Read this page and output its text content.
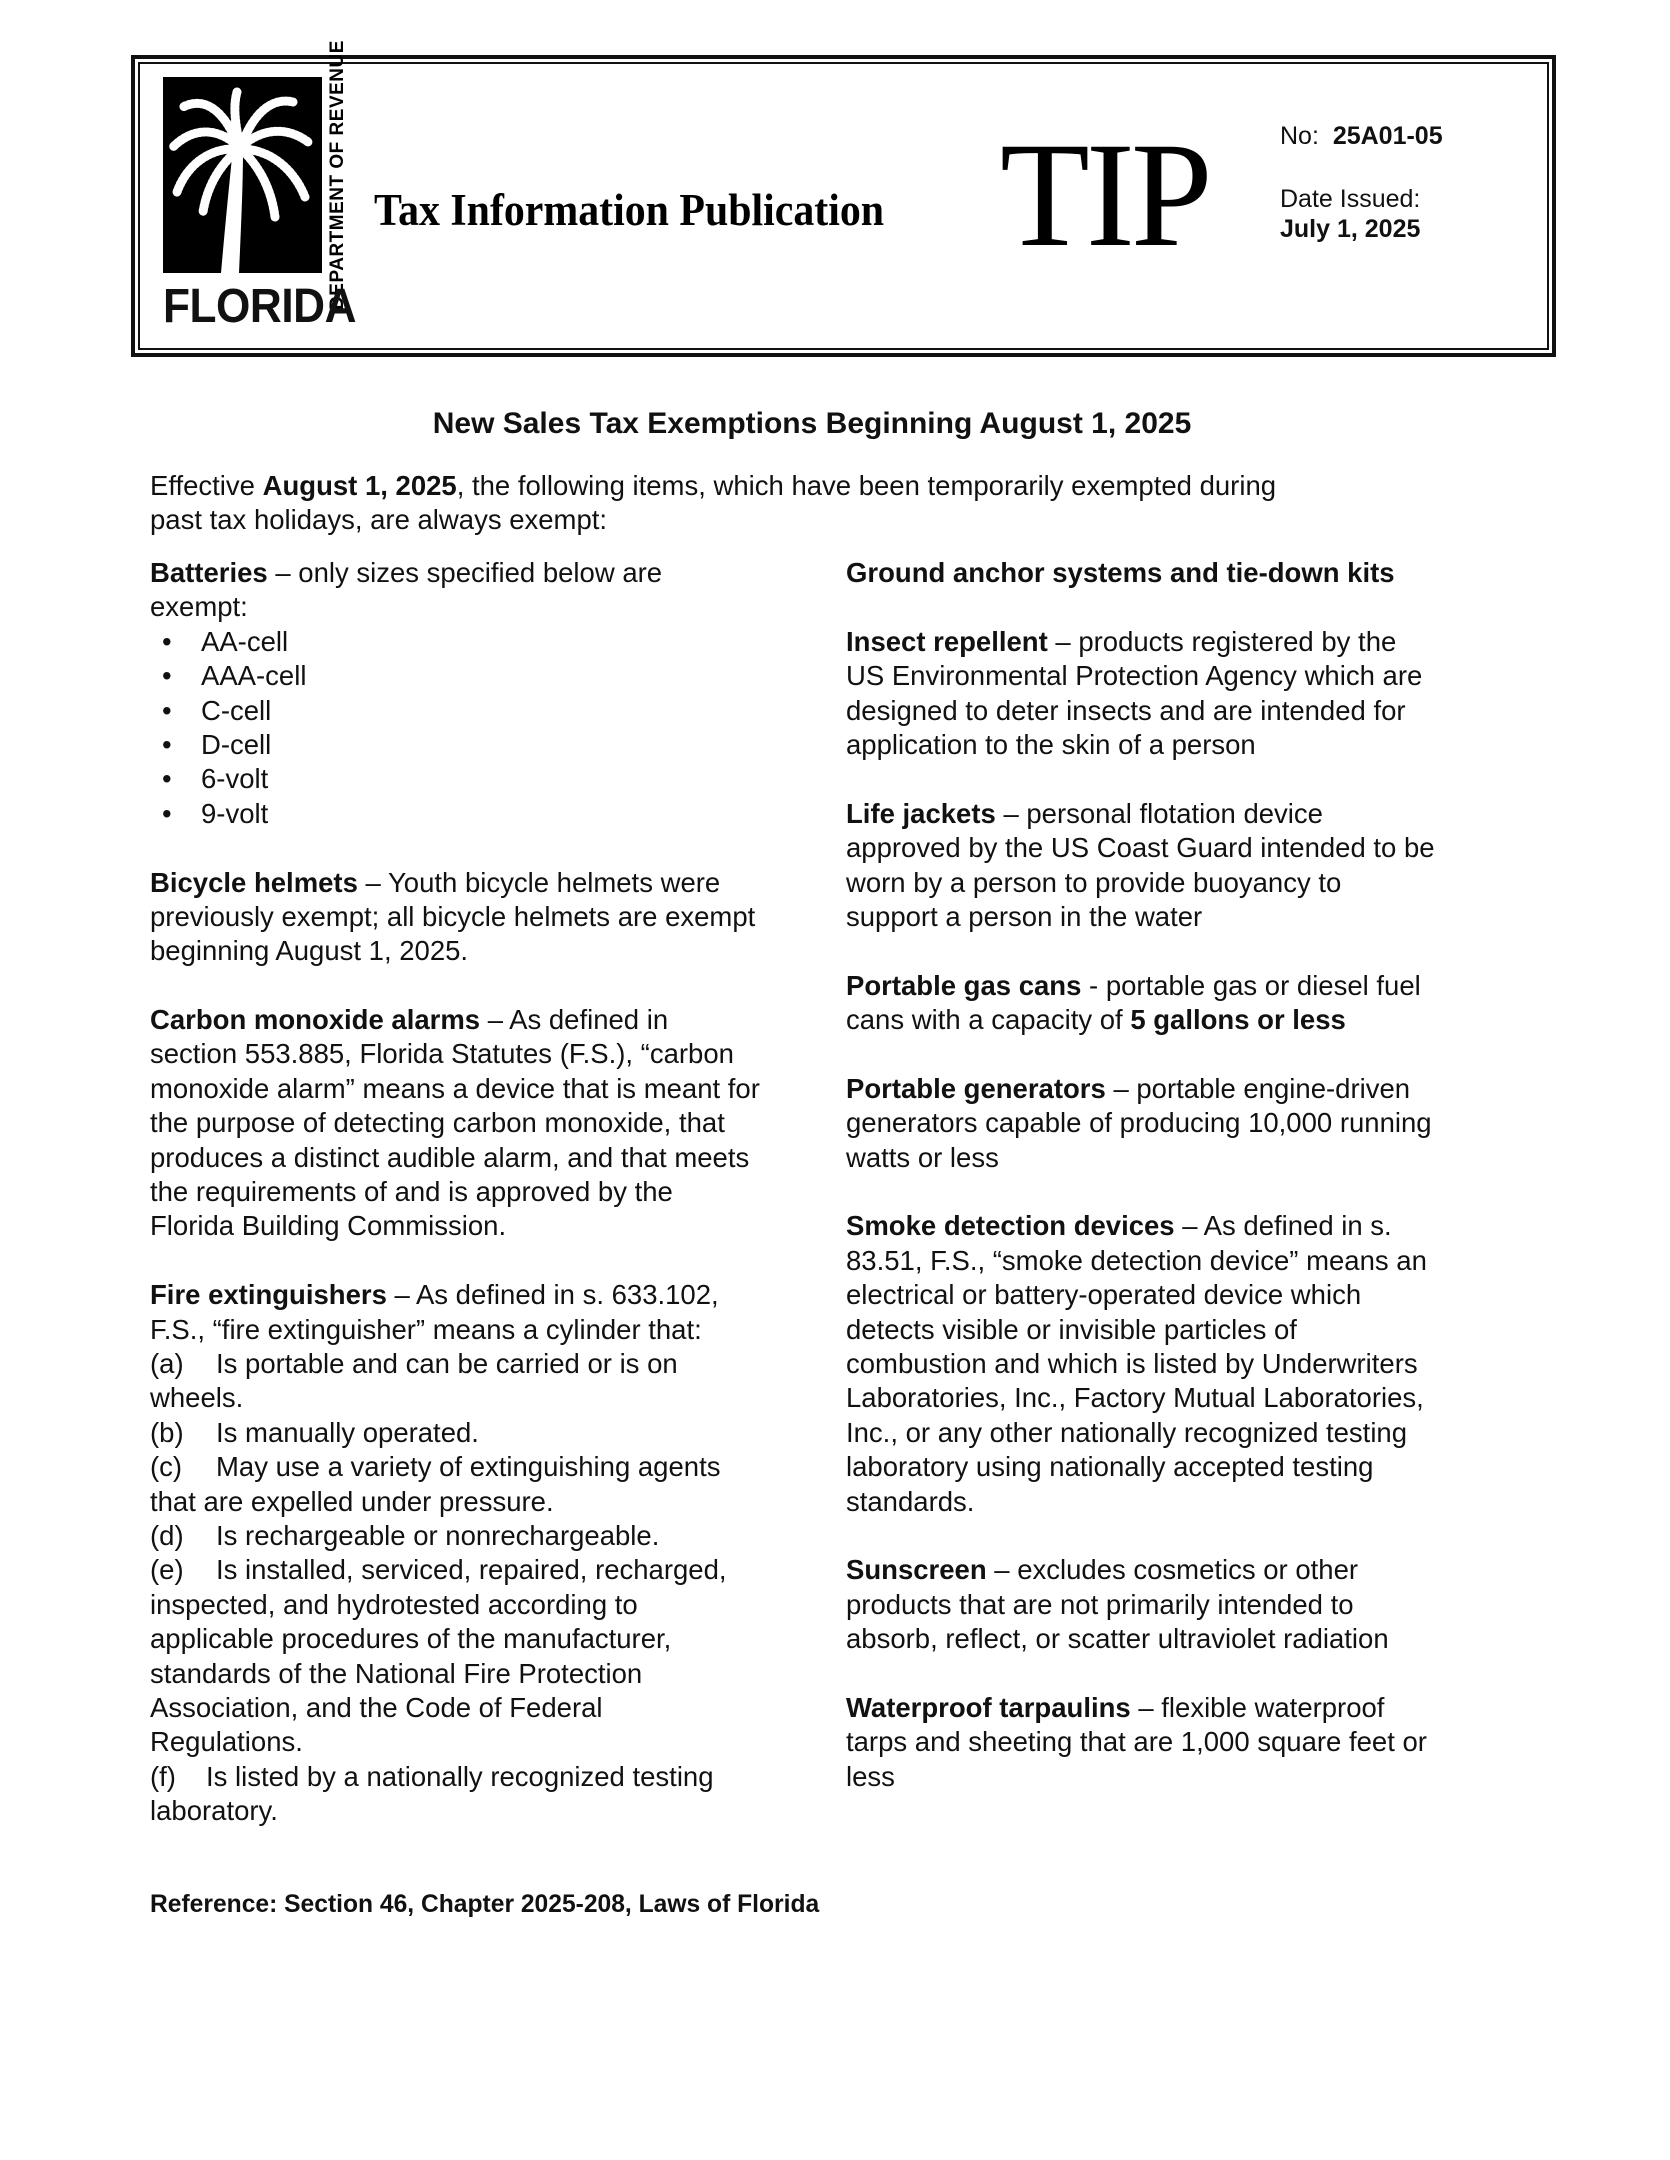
DEPARTMENT OF REVENUE
FLORIDA
Tax Information Publication TIP	No: 25A01-05
Date Issued:
July 1, 2025
New Sales Tax Exemptions Beginning August 1, 2025
Effective August 1, 2025, the following items, which have been temporarily exempted during
past tax holidays, are always exempt:
Batteries – only sizes specified below are
exempt:
• AA-cell
• AAA-cell
• C-cell
• D-cell
• 6-volt
• 9-volt
Bicycle helmets – Youth bicycle helmets were
previously exempt; all bicycle helmets are exempt
beginning August 1, 2025.
Carbon monoxide alarms – As defined in
section 553.885, Florida Statutes (F.S.), “carbon
monoxide alarm” means a device that is meant for
the purpose of detecting carbon monoxide, that
produces a distinct audible alarm, and that meets
the requirements of and is approved by the
Florida Building Commission.
Fire extinguishers – As defined in s. 633.102,
F.S., “fire extinguisher” means a cylinder that:
(a) Is portable and can be carried or is on
wheels.
(b) Is manually operated.
(c) May use a variety of extinguishing agents
that are expelled under pressure.
(d) Is rechargeable or nonrechargeable.
(e) Is installed, serviced, repaired, recharged,
inspected, and hydrotested according to
applicable procedures of the manufacturer,
standards of the National Fire Protection
Association, and the Code of Federal
Regulations.
(f) Is listed by a nationally recognized testing
laboratory.
Ground anchor systems and tie-down kits
Insect repellent – products registered by the
US Environmental Protection Agency which are
designed to deter insects and are intended for
application to the skin of a person
Life jackets – personal flotation device
approved by the US Coast Guard intended to be
worn by a person to provide buoyancy to
support a person in the water
Portable gas cans - portable gas or diesel fuel
cans with a capacity of 5 gallons or less
Portable generators – portable engine-driven
generators capable of producing 10,000 running
watts or less
Smoke detection devices – As defined in s.
83.51, F.S., “smoke detection device” means an
electrical or battery-operated device which
detects visible or invisible particles of
combustion and which is listed by Underwriters
Laboratories, Inc., Factory Mutual Laboratories,
Inc., or any other nationally recognized testing
laboratory using nationally accepted testing
standards.
Sunscreen – excludes cosmetics or other
products that are not primarily intended to
absorb, reflect, or scatter ultraviolet radiation
Waterproof tarpaulins – flexible waterproof
tarps and sheeting that are 1,000 square feet or
less
Reference: Section 46, Chapter 2025-208, Laws of Florida
